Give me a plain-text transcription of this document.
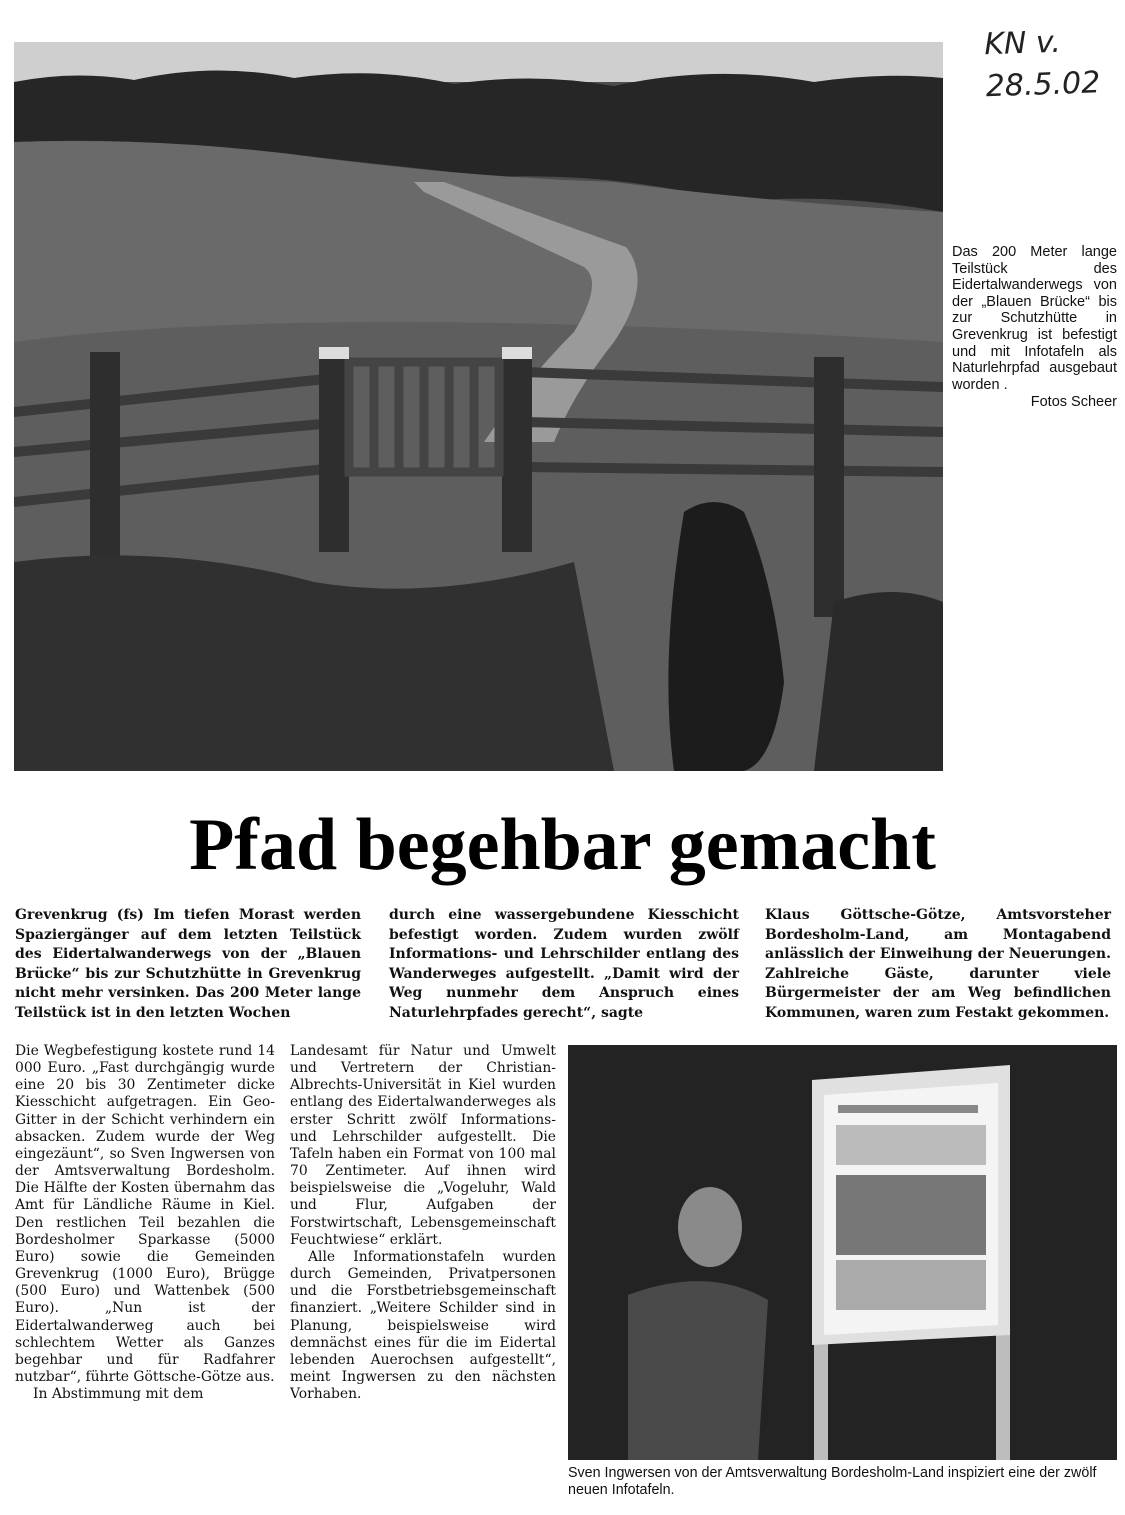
KN v.
28.5.02
Das 200 Meter lange Teilstück des Eidertalwanderwegs von der „Blauen Brücke“ bis zur Schutzhütte in Grevenkrug ist befestigt und mit Infotafeln als Naturlehrpfad ausgebaut worden .
Fotos Scheer
Pfad begehbar gemacht

Grevenkrug (fs) Im tiefen Morast werden Spaziergänger auf dem letzten Teilstück des Eidertalwanderwegs von der „Blauen Brücke“ bis zur Schutzhütte in Grevenkrug nicht mehr versinken. Das 200 Meter lange Teilstück ist in den letzten Wochen

durch eine wassergebundene Kiesschicht befestigt worden. Zudem wurden zwölf Informations- und Lehrschilder entlang des Wanderweges aufgestellt. „Damit wird der Weg nunmehr dem Anspruch eines Naturlehrpfades gerecht“, sagte

Klaus Göttsche-Götze, Amtsvorsteher Bordesholm-Land, am Montagabend anlässlich der Einweihung der Neuerungen. Zahlreiche Gäste, darunter viele Bürgermeister der am Weg befindlichen Kommunen, waren zum Festakt gekommen.

Die Wegbefestigung kostete rund 14 000 Euro. „Fast durchgängig wurde eine 20 bis 30 Zentimeter dicke Kiesschicht aufgetragen. Ein Geo-Gitter in der Schicht verhindern ein absacken. Zudem wurde der Weg eingezäunt“, so Sven Ingwersen von der Amtsverwaltung Bordesholm. Die Hälfte der Kosten übernahm das Amt für Ländliche Räume in Kiel. Den restlichen Teil bezahlen die Bordesholmer Sparkasse (5000 Euro) sowie die Gemeinden Grevenkrug (1000 Euro), Brügge (500 Euro) und Wattenbek (500 Euro). „Nun ist der Eidertalwanderweg auch bei schlechtem Wetter als Ganzes begehbar und für Radfahrer nutzbar“, führte Göttsche-Götze aus.

In Abstimmung mit dem

Landesamt für Natur und Umwelt und Vertretern der Christian-Albrechts-Universität in Kiel wurden entlang des Eidertalwanderweges als erster Schritt zwölf Informations- und Lehrschilder aufgestellt. Die Tafeln haben ein Format von 100 mal 70 Zentimeter. Auf ihnen wird beispielsweise die „Vogeluhr, Wald und Flur, Aufgaben der Forstwirtschaft, Lebensgemeinschaft Feuchtwiese“ erklärt.

Alle Informationstafeln wurden durch Gemeinden, Privatpersonen und die Forstbetriebsgemeinschaft finanziert. „Weitere Schilder sind in Planung, beispielsweise wird demnächst eines für die im Eidertal lebenden Auerochsen aufgestellt“, meint Ingwersen zu den nächsten Vorhaben.

Sven Ingwersen von der Amtsverwaltung Bordesholm-Land inspiziert eine der zwölf neuen Infotafeln.
